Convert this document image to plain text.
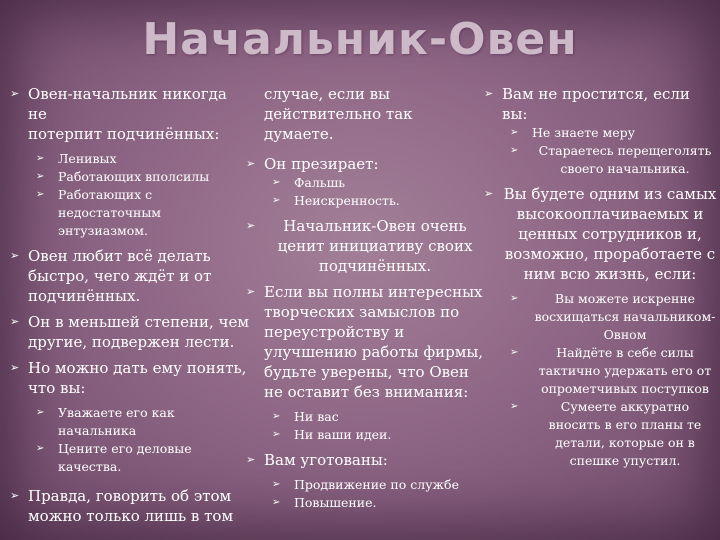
Начальник-Овен
➢ Овен-начальник никогда не
потерпит подчинённых:
➢ Ленивых
➢ Работающих вполсилы
➢ Работающих с
недостаточным
энтузиазмом.
➢ Овен любит всё делать
быстро, чего ждёт и от
подчинённых.
➢ Он в меньшей степени, чем
другие, подвержен лести.
➢ Но можно дать ему понять,
что вы:
➢ Уважаете его как
начальника
➢ Цените его деловые
качества.
➢ Правда, говорить об этом
можно только лишь в том
случае, если вы
действительно так думаете.
➢ Он презирает:
➢ Фальшь
➢ Неискренность.
➢	Начальник-Овен очень
ценит инициативу своих
подчинённых.
➢ Если вы полны интересных
творческих замыслов по
переустройству и
улучшению работы фирмы,
будьте уверены, что Овен
не оставит без внимания:
➢ Ни вас
➢ Ни ваши идеи.
➢ Вам уготованы:
➢ Продвижение по службе
➢ Повышение.
➢ Вам не простится, если вы:
➢ Не знаете меру
➢	Стараетесь перещеголять
своего начальника.
➢ Вы будете одним из самых
высокооплачиваемых и
ценных сотрудников и,
возможно, проработаете с
ним всю жизнь, если:
➢	Вы можете искренне
восхищаться начальником-
Овном
➢	Найдёте в себе силы
тактично удержать его от
опрометчивых поступков
➢	Сумеете аккуратно
вносить в его планы те
детали, которые он в
спешке упустил.
